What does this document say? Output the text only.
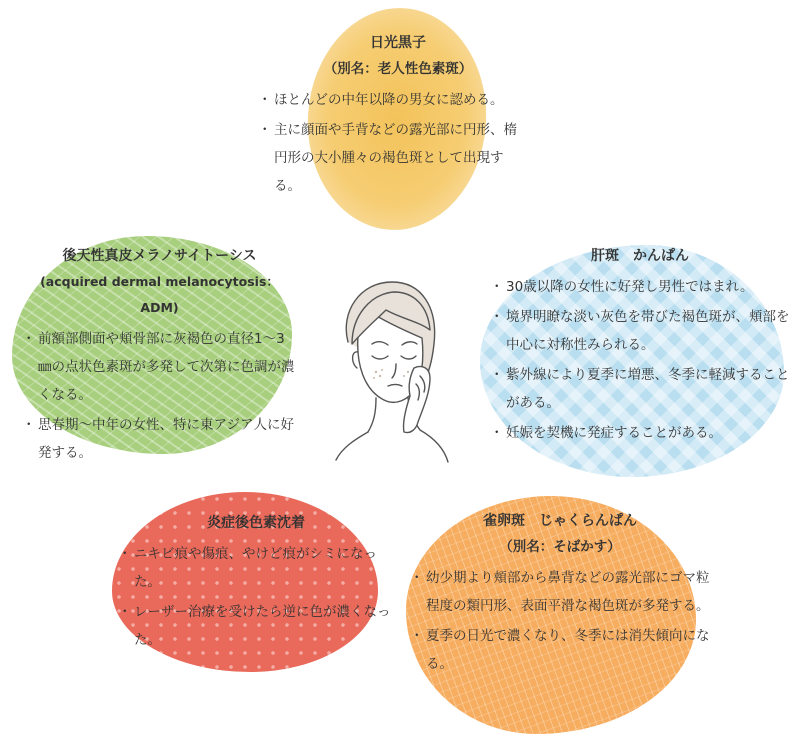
日光黒子

（別名：老人性色素斑）

・ ほとんどの中年以降の男女に認める。
・ 主に顔面や手背などの露光部に円形、楕円形の大小腫々の褐色斑として出現する。

後天性真皮メラノサイトーシス

(acquired dermal melanocytosis：ADM)

・ 前額部側面や頬骨部に灰褐色の直径1～3㎜の点状色素斑が多発して次第に色調が濃くなる。
・ 思春期～中年の女性、特に東アジア人に好発する。

肝斑　かんぱん

・ 30歳以降の女性に好発し男性ではまれ。
・ 境界明瞭な淡い灰色を帯びた褐色斑が、頬部を中心に対称性みられる。
・ 紫外線により夏季に増悪、冬季に軽減することがある。
・ 妊娠を契機に発症することがある。

炎症後色素沈着

・ ニキビ痕や傷痕、やけど痕がシミになった。
・ レーザー治療を受けたら逆に色が濃くなった。

雀卵斑　じゃくらんぱん

（別名：そばかす）

・ 幼少期より頬部から鼻背などの露光部にゴマ粒程度の類円形、表面平滑な褐色斑が多発する。
・ 夏季の日光で濃くなり、冬季には消失傾向になる。
